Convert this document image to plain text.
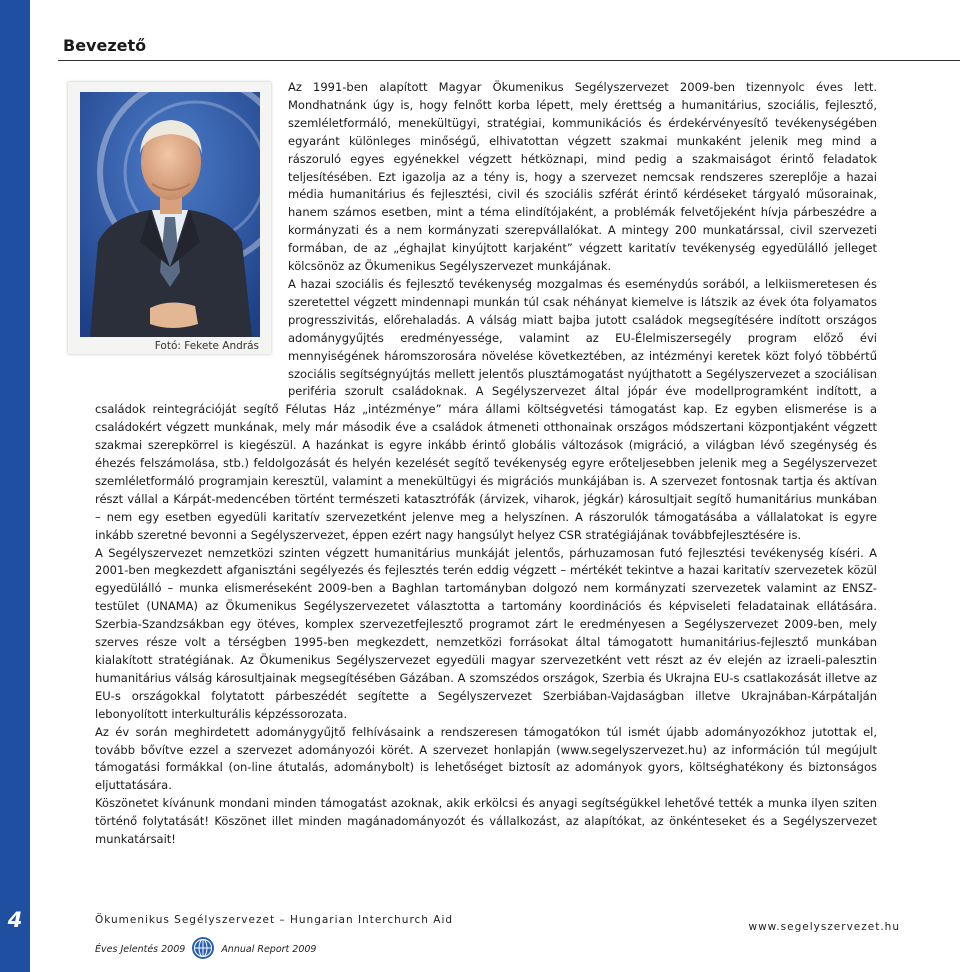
4
Bevezető
Fotó: Fekete András

Az 1991-ben alapított Magyar Ökumenikus Segélyszervezet 2009-ben tizennyolc éves lett. Mondhatnánk úgy is, hogy felnőtt korba lépett, mely érettség a humanitárius, szociális, fejlesztő, szemléletformáló, menekültügyi, stratégiai, kommunikációs és érdekérvényesítő tevékenységében egyaránt különleges minőségű, elhivatottan végzett szakmai munkaként jelenik meg mind a rászoruló egyes egyénekkel végzett hétköznapi, mind pedig a szakmaiságot érintő feladatok teljesítésében. Ezt igazolja az a tény is, hogy a szervezet nemcsak rendszeres szereplője a hazai média humanitárius és fejlesztési, civil és szociális szférát érintő kérdéseket tárgyaló műsorainak, hanem számos esetben, mint a téma elindítójaként, a problémák felvetőjeként hívja párbeszédre a kormányzati és a nem kormányzati szerepvállalókat. A mintegy 200 munkatárssal, civil szervezeti formában, de az „éghajlat kinyújtott karjaként” végzett karitatív tevékenység egyedülálló jelleget kölcsönöz az Ökumenikus Segélyszervezet munkájának.

A hazai szociális és fejlesztő tevékenység mozgalmas és eseménydús sorából, a lelkiismeretesen és szeretettel végzett mindennapi munkán túl csak néhányat kiemelve is látszik az évek óta folyamatos progresszivitás, előrehaladás. A válság miatt bajba jutott családok megsegítésére indított országos adománygyűjtés eredményessége, valamint az EU-Élelmiszersegély program előző évi mennyiségének háromszorosára növelése következtében, az intézményi keretek közt folyó többértű szociális segítségnyújtás mellett jelentős plusztámogatást nyújthatott a Segélyszervezet a szociálisan periféria szorult családoknak. A Segélyszervezet által jópár éve modellprogramként indított, a családok reintegrációját segítő Félutas Ház „intézménye” mára állami költségvetési támogatást kap. Ez egyben elismerése is a családokért végzett munkának, mely már második éve a családok átmeneti otthonainak országos módszertani központjaként végzett szakmai szerepkörrel is kiegészül. A hazánkat is egyre inkább érintő globális változások (migráció, a világban lévő szegénység és éhezés felszámolása, stb.) feldolgozását és helyén kezelését segítő tevékenység egyre erőteljesebben jelenik meg a Segélyszervezet szemléletformáló programjain keresztül, valamint a menekültügyi és migrációs munkájában is. A szervezet fontosnak tartja és aktívan részt vállal a Kárpát-medencében történt természeti katasztrófák (árvizek, viharok, jégkár) károsultjait segítő humanitárius munkában – nem egy esetben egyedüli karitatív szervezetként jelenve meg a helyszínen. A rászorulók támogatásába a vállalatokat is egyre inkább szeretné bevonni a Segélyszervezet, éppen ezért nagy hangsúlyt helyez CSR stratégiájának továbbfejlesztésére is.

A Segélyszervezet nemzetközi szinten végzett humanitárius munkáját jelentős, párhuzamosan futó fejlesztési tevékenység kíséri. A 2001-ben megkezdett afganisztáni segélyezés és fejlesztés terén eddig végzett – mértékét tekintve a hazai karitatív szervezetek közül egyedülálló – munka elismeréseként 2009-ben a Baghlan tartományban dolgozó nem kormányzati szervezetek valamint az ENSZ-testület (UNAMA) az Ökumenikus Segélyszervezetet választotta a tartomány koordinációs és képviseleti feladatainak ellátására. Szerbia-Szandzsákban egy ötéves, komplex szervezetfejlesztő programot zárt le eredményesen a Segélyszervezet 2009-ben, mely szerves része volt a térségben 1995-ben megkezdett, nemzetközi forrásokat által támogatott humanitárius-fejlesztő munkában kialakított stratégiának. Az Ökumenikus Segélyszervezet egyedüli magyar szervezetként vett részt az év elején az izraeli-palesztin humanitárius válság károsultjainak megsegítésében Gázában. A szomszédos országok, Szerbia és Ukrajna EU-s csatlakozását illetve az EU-s országokkal folytatott párbeszédét segítette a Segélyszervezet Szerbiában-Vajdaságban illetve Ukrajnában-Kárpátalján lebonyolított interkulturális képzéssorozata.

Az év során meghirdetett adománygyűjtő felhívásaink a rendszeresen támogatókon túl ismét újabb adományozókhoz jutottak el, tovább bővítve ezzel a szervezet adományozói körét. A szervezet honlapján (www.segelyszervezet.hu) az információn túl megújult támogatási formákkal (on-line átutalás, adománybolt) is lehetőséget biztosít az adományok gyors, költséghatékony és biztonságos eljuttatására.

Köszönetet kívánunk mondani minden támogatást azoknak, akik erkölcsi és anyagi segítségükkel lehetővé tették a munka ilyen sziten történő folytatását! Köszönet illet minden magánadományozót és vállalkozást, az alapítókat, az önkénteseket és a Segélyszervezet munkatársait!

Ökumenikus Segélyszervezet – Hungarian Interchurch Aid
Éves Jelentés 2009	Annual Report 2009
www.segelyszervezet.hu
